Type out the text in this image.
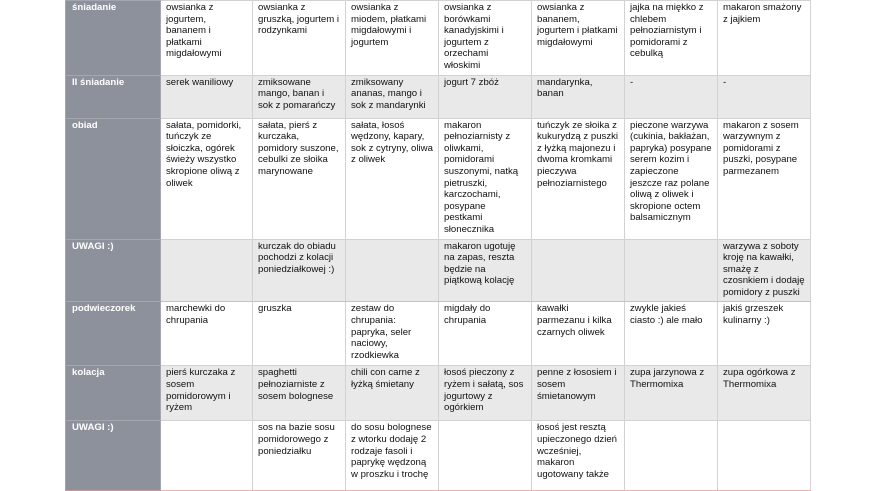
śniadanie	owsianka z jogurtem, bananem i płatkami migdałowymi	owsianka z gruszką, jogurtem i rodzynkami	owsianka z miodem, płatkami migdałowymi i jogurtem	owsianka z borówkami kanadyjskimi i jogurtem z orzechami włoskimi	owsianka z bananem, jogurtem i płatkami migdałowymi	jajka na miękko z chlebem pełnoziarnistym i pomidorami z cebulką	makaron smażony z jajkiem

II śniadanie	serek waniliowy	zmiksowane mango, banan i sok z pomarańczy	zmiksowany ananas, mango i sok z mandarynki	jogurt 7 zbóż	mandarynka, banan	-	-

obiad	sałata, pomidorki, tuńczyk ze słoiczka, ogórek świeży wszystko skropione oliwą z oliwek	sałata, pierś z kurczaka, pomidory suszone, cebulki ze słoika marynowane	sałata, łosoś wędzony, kapary, sok z cytryny, oliwa z oliwek	makaron pełnoziarnisty z oliwkami, pomidorami suszonymi, natką pietruszki, karczochami, posypane pestkami słonecznika	tuńczyk ze słoika z kukurydzą z puszki z łyżką majonezu i dwoma kromkami pieczywa pełnoziarnistego	pieczone warzywa (cukinia, bakłażan, papryka) posypane serem kozim i zapieczone jeszcze raz polane oliwą z oliwek i skropione octem balsamicznym	makaron z sosem warzywnym z pomidorami z puszki, posypane parmezanem

UWAGI :)		kurczak do obiadu pochodzi z kolacji poniedziałkowej :)		makaron ugotuję na zapas, reszta będzie na piątkową kolację			warzywa z soboty kroję na kawałki, smażę z czosnkiem i dodaję pomidory z puszki

podwieczorek	marchewki do chrupania	gruszka	zestaw do chrupania: papryka, seler naciowy, rzodkiewka	migdały do chrupania	kawałki parmezanu i kilka czarnych oliwek	zwykle jakieś ciasto :) ale mało	jakiś grzeszek kulinarny :)

kolacja	pierś kurczaka z sosem pomidorowym i ryżem	spaghetti pełnoziarniste z sosem bolognese	chili con carne z łyżką śmietany	łosoś pieczony z ryżem i sałatą, sos jogurtowy z ogórkiem	penne z łososiem i sosem śmietanowym	zupa jarzynowa z Thermomixa	zupa ogórkowa z Thermomixa

UWAGI :)		sos na bazie sosu pomidorowego z poniedziałku	do sosu bolognese z wtorku dodaję 2 rodzaje fasoli i paprykę wędzoną w proszku i trochę		łosoś jest resztą upieczonego dzień wcześniej, makaron ugotowany także		
